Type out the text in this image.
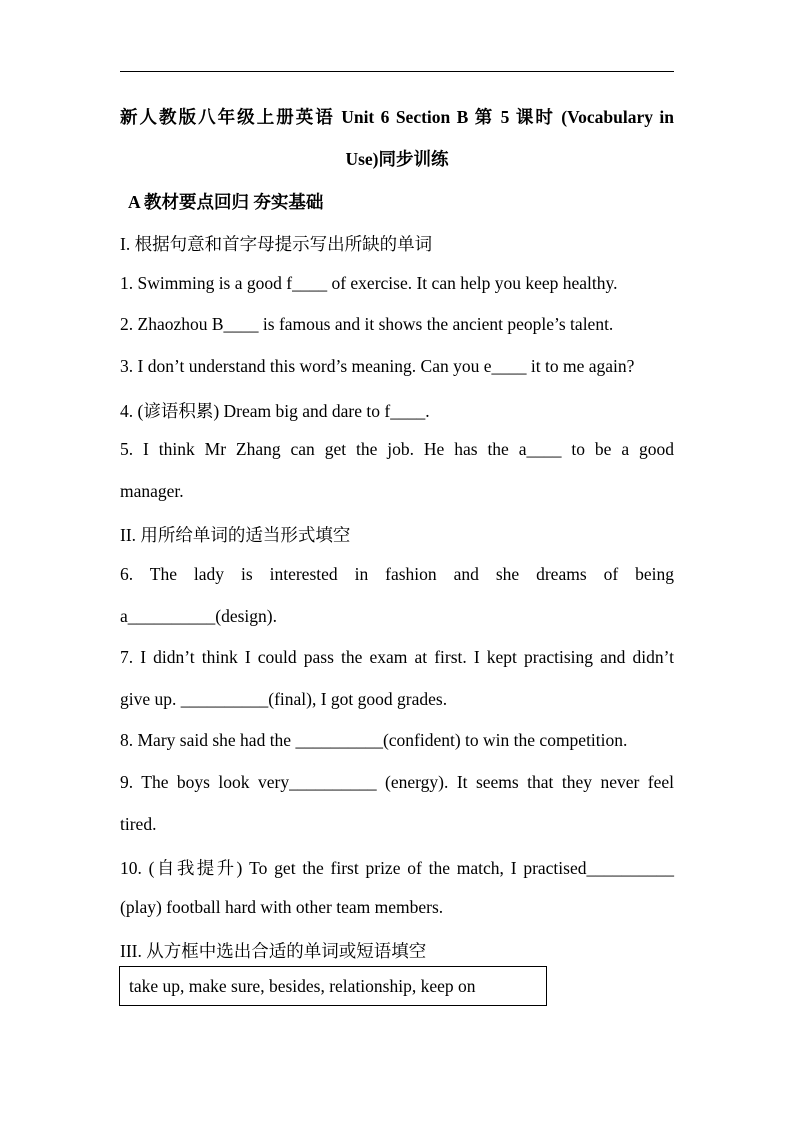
新人教版八年级上册英语 Unit 6 Section B 第 5 课时 (Vocabulary in
Use)同步训练
A 教材要点回归 夯实基础
I. 根据句意和首字母提示写出所缺的单词
1. Swimming is a good f____ of exercise. It can help you keep healthy.
2. Zhaozhou B____ is famous and it shows the ancient people’s talent.
3. I don’t understand this word’s meaning. Can you e____ it to me again?
4. (谚语积累) Dream big and dare to f____.
5. I think Mr Zhang can get the job. He has the a____ to be a good
manager.
II. 用所给单词的适当形式填空
6. The lady is interested in fashion and she dreams of being
a__________(design).
7. I didn’t think I could pass the exam at first. I kept practising and didn’t
give up. __________(final), I got good grades.
8. Mary said she had the __________(confident) to win the competition.
9. The boys look very__________ (energy). It seems that they never feel
tired.
10. (自我提升) To get the first prize of the match, I practised__________
(play) football hard with other team members.
III. 从方框中选出合适的单词或短语填空
take up, make sure, besides, relationship, keep on
